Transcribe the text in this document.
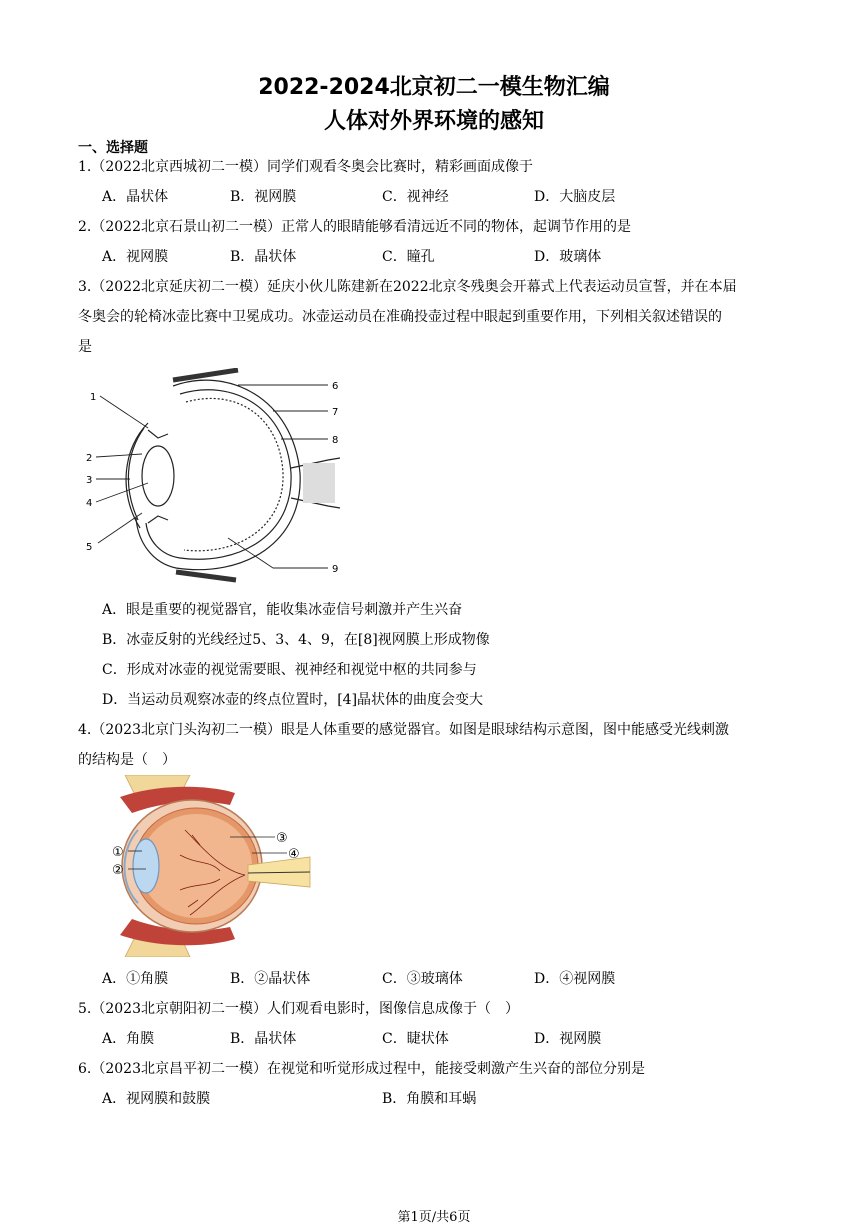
2022-2024北京初二一模生物汇编
人体对外界环境的感知
一、选择题
1.（2022北京西城初二一模）同学们观看冬奥会比赛时，精彩画面成像于
A．晶状体	B．视网膜	C．视神经	D．大脑皮层
2.（2022北京石景山初二一模）正常人的眼睛能够看清远近不同的物体，起调节作用的是
A．视网膜	B．晶状体	C．瞳孔	D．玻璃体
3.（2022北京延庆初二一模）延庆小伙儿陈建新在2022北京冬残奥会开幕式上代表运动员宣誓，并在本届
冬奥会的轮椅冰壶比赛中卫冕成功。冰壶运动员在准确投壶过程中眼起到重要作用，下列相关叙述错误的
是
1
2
3
4
5
6
7
8
9
A．眼是重要的视觉器官，能收集冰壶信号刺激并产生兴奋
B．冰壶反射的光线经过5、3、4、9，在[8]视网膜上形成物像
C．形成对冰壶的视觉需要眼、视神经和视觉中枢的共同参与
D．当运动员观察冰壶的终点位置时，[4]晶状体的曲度会变大
4.（2023北京门头沟初二一模）眼是人体重要的感觉器官。如图是眼球结构示意图，图中能感受光线刺激
的结构是（　）
①
②
③
④
A．①角膜	B．②晶状体	C．③玻璃体	D．④视网膜
5.（2023北京朝阳初二一模）人们观看电影时，图像信息成像于（　）
A．角膜	B．晶状体	C．睫状体	D．视网膜
6.（2023北京昌平初二一模）在视觉和听觉形成过程中，能接受刺激产生兴奋的部位分别是
A．视网膜和鼓膜	B．角膜和耳蜗
第1页/共6页
